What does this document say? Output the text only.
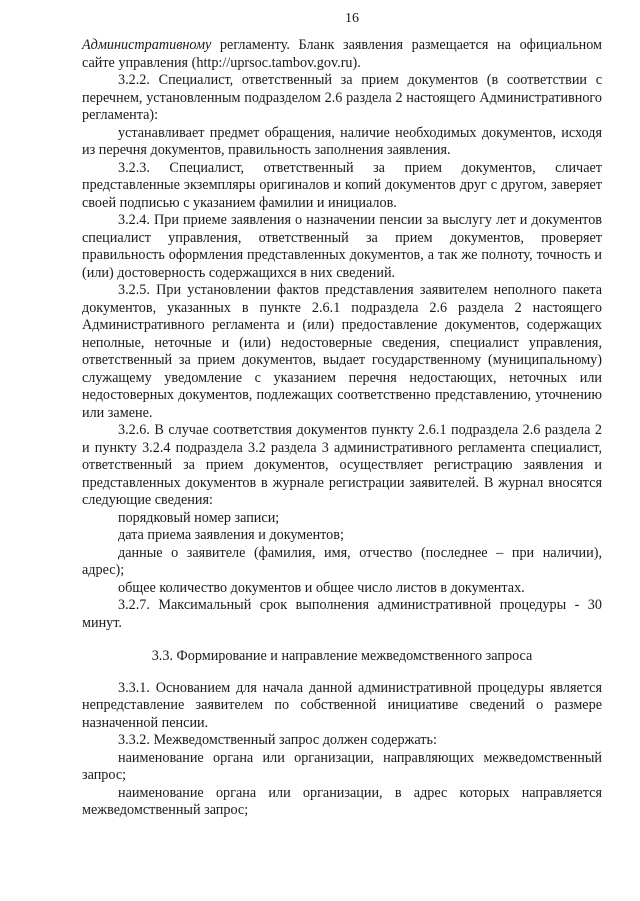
16

Административному регламенту. Бланк заявления размещается на официальном сайте управления (http://uprsoc.tambov.gov.ru).

3.2.2. Специалист, ответственный за прием документов (в соответствии с перечнем, установленным подразделом 2.6 раздела 2 настоящего Административного регламента):

устанавливает предмет обращения, наличие необходимых документов, исходя из перечня документов, правильность заполнения заявления.

3.2.3. Специалист, ответственный за прием документов, сличает представленные экземпляры оригиналов и копий документов друг с другом, заверяет своей подписью с указанием фамилии и инициалов.

3.2.4. При приеме заявления о назначении пенсии за выслугу лет и документов специалист управления, ответственный за прием документов, проверяет правильность оформления представленных документов, а так же полноту, точность и (или) достоверность содержащихся в них сведений.

3.2.5. При установлении фактов представления заявителем неполного пакета документов, указанных в пункте 2.6.1 подраздела 2.6 раздела 2 настоящего Административного регламента и (или) предоставление документов, содержащих неполные, неточные и (или) недостоверные сведения, специалист управления, ответственный за прием документов, выдает государственному (муниципальному) служащему уведомление с указанием перечня недостающих, неточных или недостоверных документов, подлежащих соответственно представлению, уточнению или замене.

3.2.6. В случае соответствия документов пункту 2.6.1 подраздела 2.6 раздела 2 и пункту 3.2.4 подраздела 3.2 раздела 3 административного регламента специалист, ответственный за прием документов, осуществляет регистрацию заявления и представленных документов в журнале регистрации заявителей. В журнал вносятся следующие сведения:

порядковый номер записи;

дата приема заявления и документов;

данные о заявителе (фамилия, имя, отчество (последнее – при наличии), адрес);

общее количество документов и общее число листов в документах.

3.2.7. Максимальный срок выполнения административной процедуры - 30 минут.

3.3. Формирование и направление межведомственного запроса

3.3.1. Основанием для начала данной административной процедуры является непредставление заявителем по собственной инициативе сведений о размере назначенной пенсии.

3.3.2. Межведомственный запрос должен содержать:

наименование органа или организации, направляющих межведомственный запрос;

наименование органа или организации, в адрес которых направляется межведомственный запрос;
